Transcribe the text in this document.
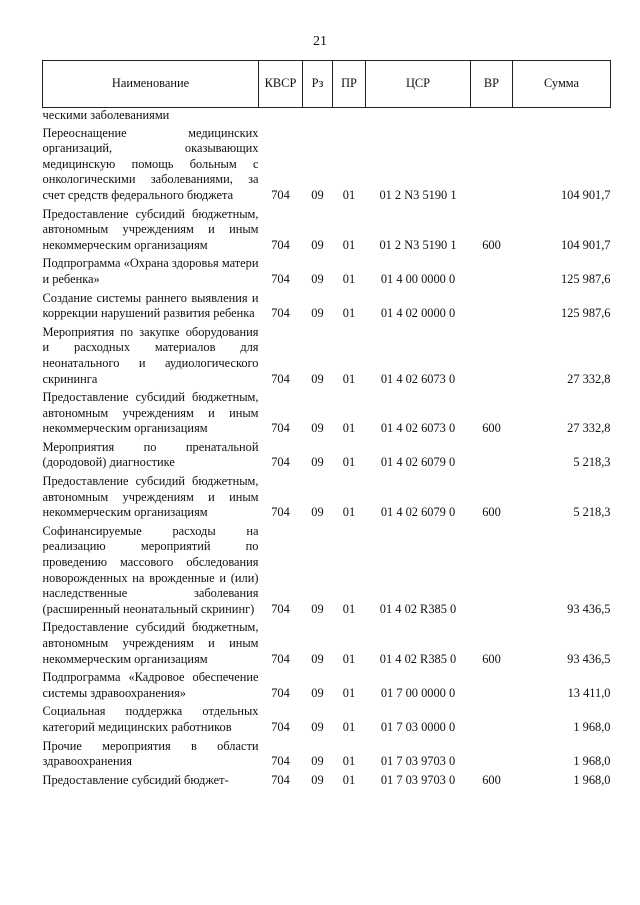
21
Наименование	КВСР	Рз	ПР	ЦСР	ВР	Сумма
ческими заболеваниями						
Переоснащение медицинских организаций, оказывающих медицинскую помощь больным с онкологическими заболеваниями, за счет средств федерального бюджета	704	09	01	01 2 N3 5190 1		104 901,7
Предоставление субсидий бюджетным, автономным учреждениям и иным некоммерческим организациям	704	09	01	01 2 N3 5190 1	600	104 901,7
Подпрограмма «Охрана здоровья матери и ребенка»	704	09	01	01 4 00 0000 0		125 987,6
Создание системы раннего выявления и коррекции нарушений развития ребенка	704	09	01	01 4 02 0000 0		125 987,6
Мероприятия по закупке оборудования и расходных материалов для неонатального и аудиологического скрининга	704	09	01	01 4 02 6073 0		27 332,8
Предоставление субсидий бюджетным, автономным учреждениям и иным некоммерческим организациям	704	09	01	01 4 02 6073 0	600	27 332,8
Мероприятия по пренатальной (дородовой) диагностике	704	09	01	01 4 02 6079 0		5 218,3
Предоставление субсидий бюджетным, автономным учреждениям и иным некоммерческим организациям	704	09	01	01 4 02 6079 0	600	5 218,3
Софинансируемые расходы на реализацию мероприятий по проведению массового обследования новорожденных на врожденные и (или) наследственные заболевания (расширенный неонатальный скрининг)	704	09	01	01 4 02 R385 0		93 436,5
Предоставление субсидий бюджетным, автономным учреждениям и иным некоммерческим организациям	704	09	01	01 4 02 R385 0	600	93 436,5
Подпрограмма «Кадровое обеспечение системы здравоохранения»	704	09	01	01 7 00 0000 0		13 411,0
Социальная поддержка отдельных категорий медицинских работников	704	09	01	01 7 03 0000 0		1 968,0
Прочие мероприятия в области здравоохранения	704	09	01	01 7 03 9703 0		1 968,0
Предоставление субсидий бюджет-	704	09	01	01 7 03 9703 0	600	1 968,0
